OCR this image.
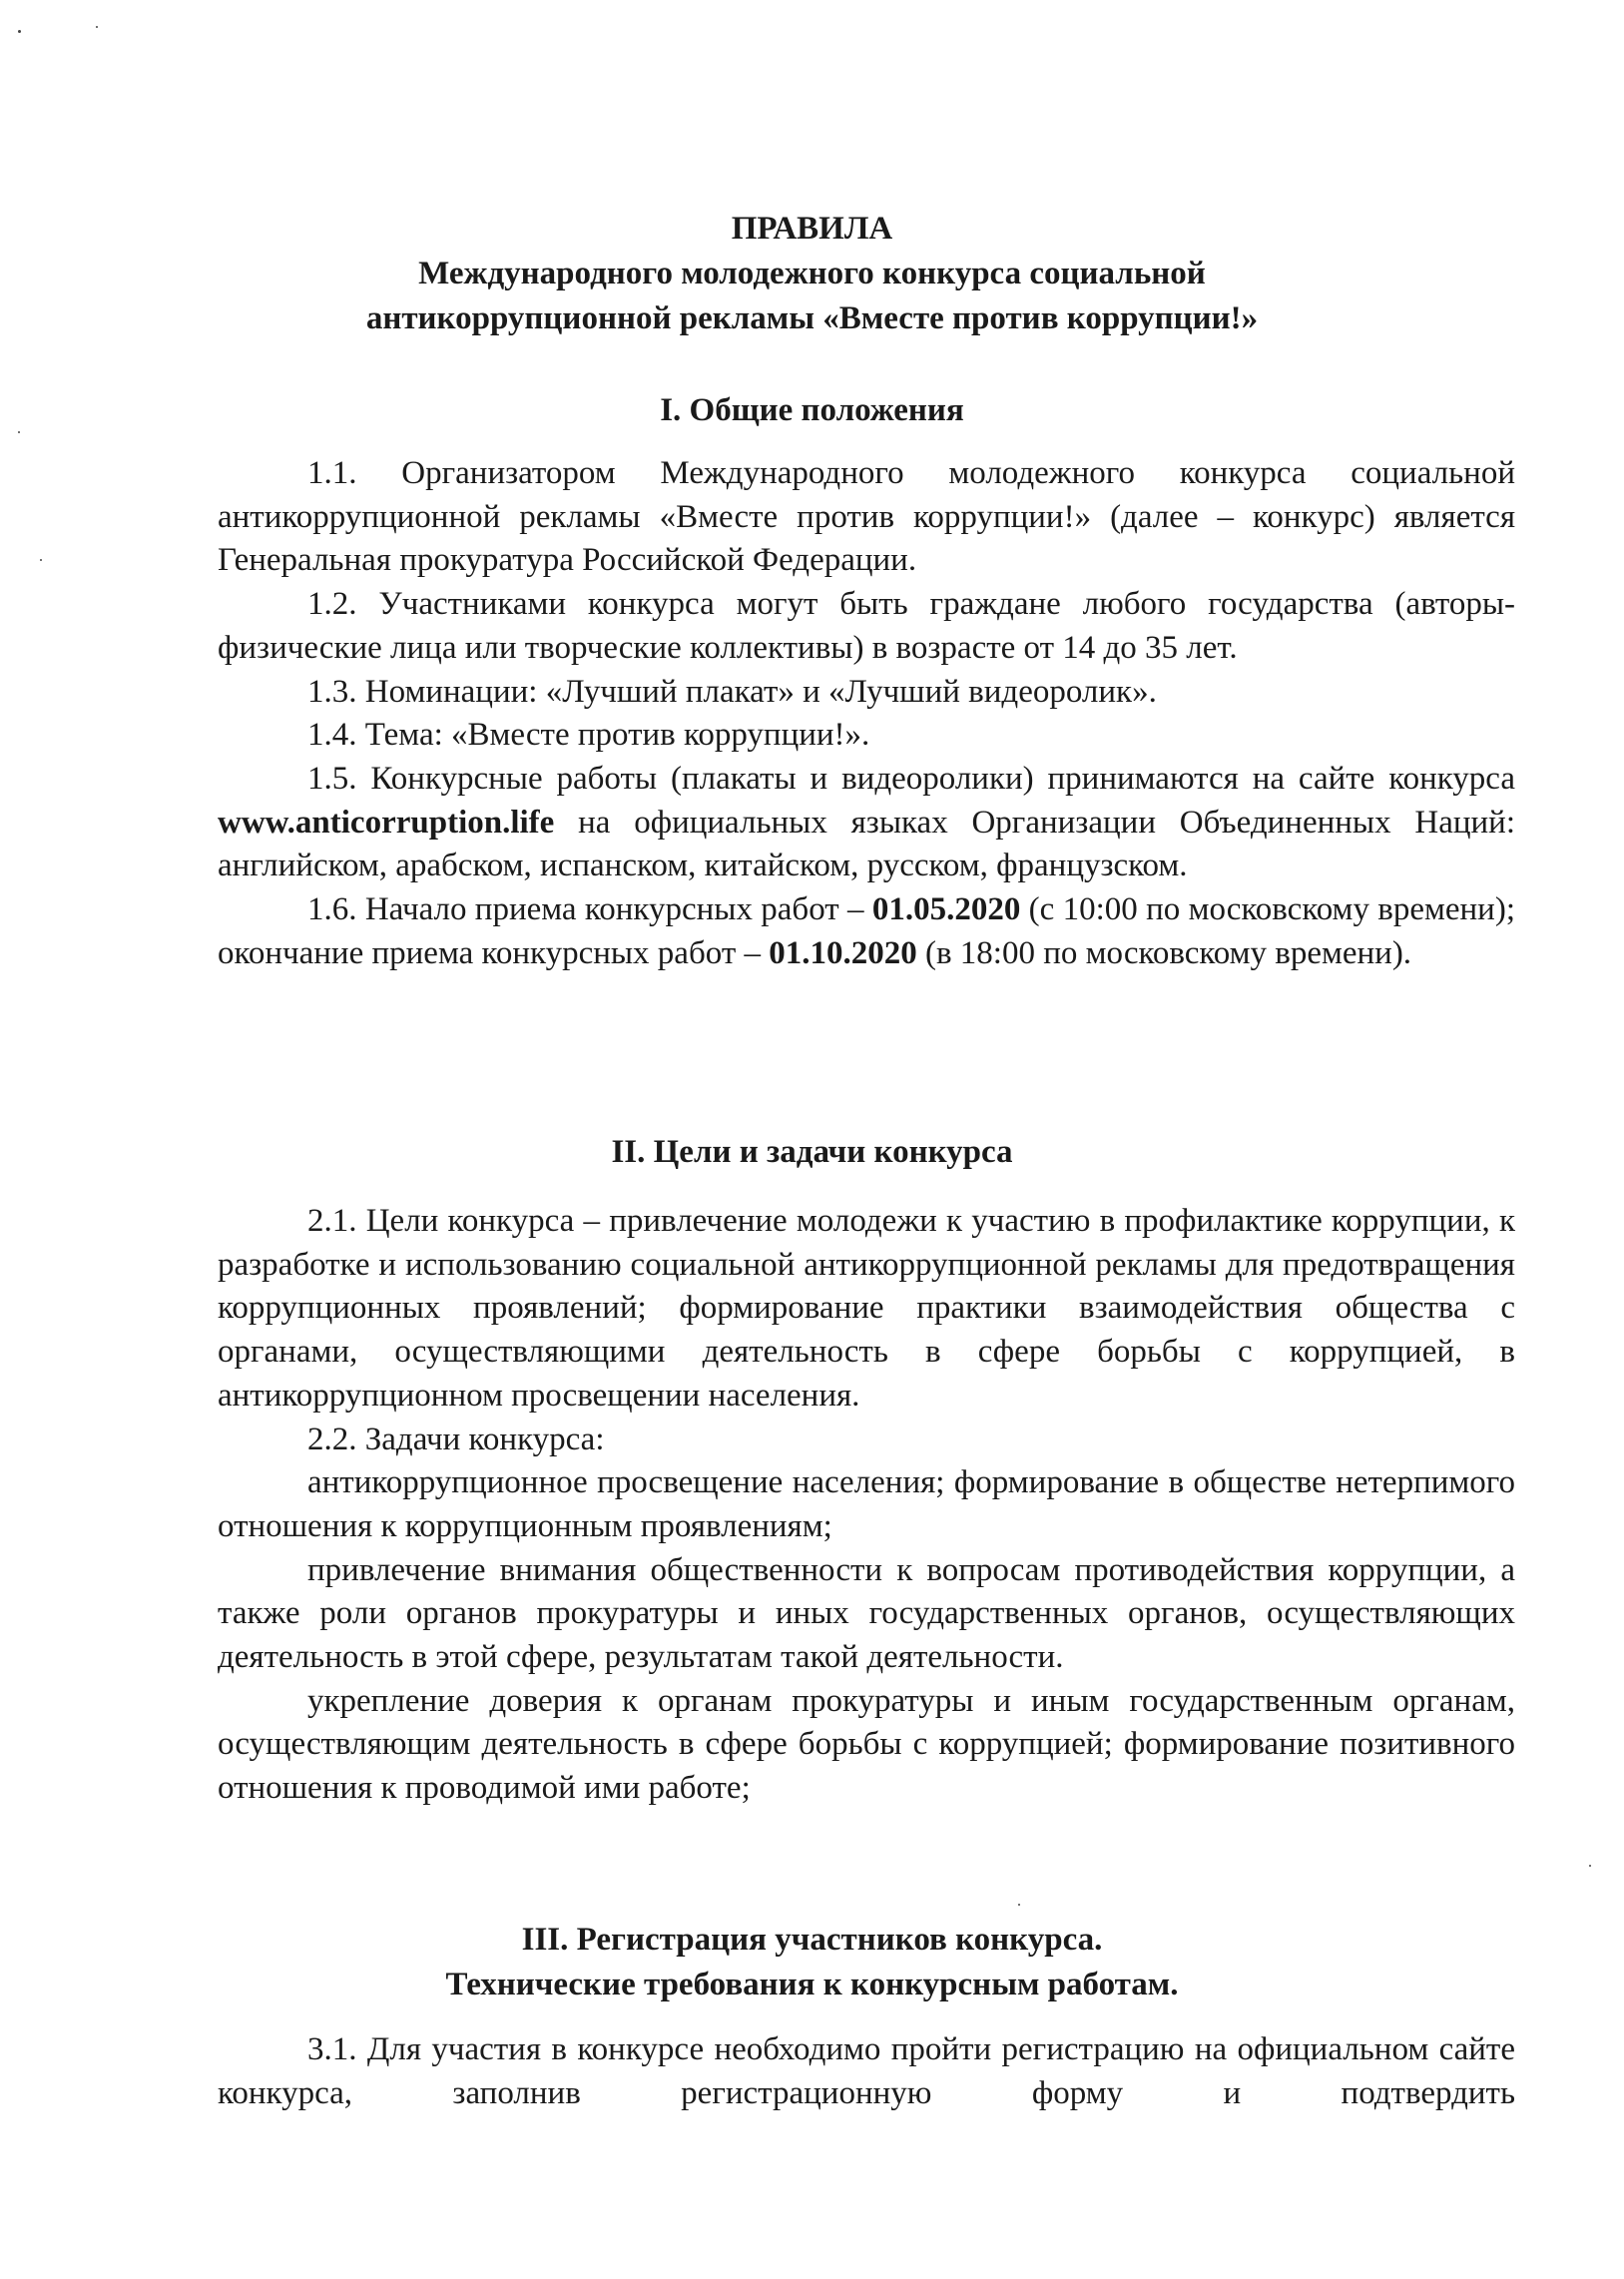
ПРАВИЛА
Международного молодежного конкурса социальной
антикоррупционной рекламы «Вместе против коррупции!»
I. Общие положения

1.1. Организатором Международного молодежного конкурса социальной антикоррупционной рекламы «Вместе против коррупции!» (далее – конкурс) является Генеральная прокуратура Российской Федерации.

1.2. Участниками конкурса могут быть граждане любого государства (авторы-физические лица или творческие коллективы) в возрасте от 14 до 35 лет.

1.3. Номинации: «Лучший плакат» и «Лучший видеоролик».

1.4. Тема: «Вместе против коррупции!».

1.5. Конкурсные работы (плакаты и видеоролики) принимаются на сайте конкурса www.anticorruption.life на официальных языках Организации Объединенных Наций: английском, арабском, испанском, китайском, русском, французском.

1.6. Начало приема конкурсных работ – 01.05.2020 (с 10:00 по московскому времени); окончание приема конкурсных работ – 01.10.2020 (в 18:00 по московскому времени).

II. Цели и задачи конкурса

2.1. Цели конкурса – привлечение молодежи к участию в профилактике коррупции, к разработке и использованию социальной антикоррупционной рекламы для предотвращения коррупционных проявлений; формирование практики взаимодействия общества с органами, осуществляющими деятельность в сфере борьбы с коррупцией, в антикоррупционном просвещении населения.

2.2. Задачи конкурса:

антикоррупционное просвещение населения; формирование в обществе нетерпимого отношения к коррупционным проявлениям;

привлечение внимания общественности к вопросам противодействия коррупции, а также роли органов прокуратуры и иных государственных органов, осуществляющих деятельность в этой сфере, результатам такой деятельности.

укрепление доверия к органам прокуратуры и иным государственным органам, осуществляющим деятельность в сфере борьбы с коррупцией; формирование позитивного отношения к проводимой ими работе;

III. Регистрация участников конкурса.
Технические требования к конкурсным работам.

3.1. Для участия в конкурсе необходимо пройти регистрацию на официальном сайте конкурса, заполнив регистрационную форму и подтвердить
